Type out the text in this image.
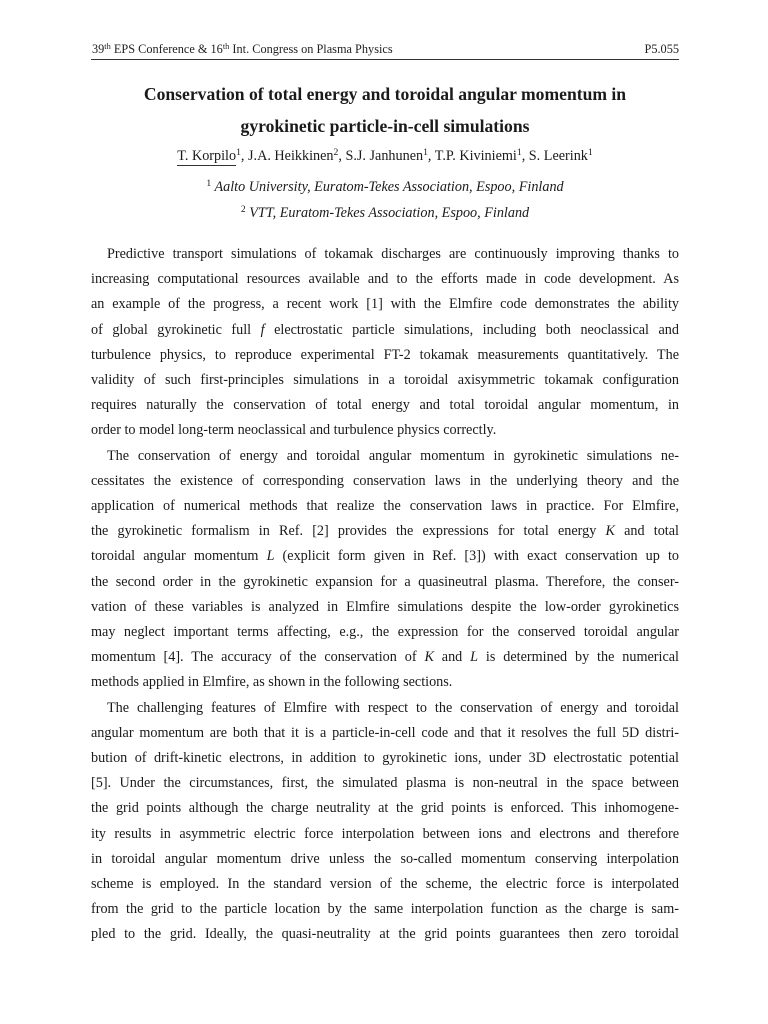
39th EPS Conference & 16th Int. Congress on Plasma Physics	P5.055
Conservation of total energy and toroidal angular momentum in
gyrokinetic particle-in-cell simulations
T. Korpilo$^1$, J.A. Heikkinen$^2$, S.J. Janhunen$^1$, T.P. Kiviniemi$^1$, S. Leerink$^1$
$^1$ Aalto University, Euratom-Tekes Association, Espoo, Finland
$^2$ VTT, Euratom-Tekes Association, Espoo, Finland
Predictive transport simulations of tokamak discharges are continuously improving thanks to
increasing computational resources available and to the efforts made in code development. As
an example of the progress, a recent work [1] with the Elmfire code demonstrates the ability
of global gyrokinetic full f electrostatic particle simulations, including both neoclassical and
turbulence physics, to reproduce experimental FT-2 tokamak measurements quantitatively. The
validity of such first-principles simulations in a toroidal axisymmetric tokamak configuration
requires naturally the conservation of total energy and total toroidal angular momentum, in
order to model long-term neoclassical and turbulence physics correctly.
The conservation of energy and toroidal angular momentum in gyrokinetic simulations ne-
cessitates the existence of corresponding conservation laws in the underlying theory and the
application of numerical methods that realize the conservation laws in practice. For Elmfire,
the gyrokinetic formalism in Ref. [2] provides the expressions for total energy K and total
toroidal angular momentum L (explicit form given in Ref. [3]) with exact conservation up to
the second order in the gyrokinetic expansion for a quasineutral plasma. Therefore, the conser-
vation of these variables is analyzed in Elmfire simulations despite the low-order gyrokinetics
may neglect important terms affecting, e.g., the expression for the conserved toroidal angular
momentum [4]. The accuracy of the conservation of K and L is determined by the numerical
methods applied in Elmfire, as shown in the following sections.
The challenging features of Elmfire with respect to the conservation of energy and toroidal
angular momentum are both that it is a particle-in-cell code and that it resolves the full 5D distri-
bution of drift-kinetic electrons, in addition to gyrokinetic ions, under 3D electrostatic potential
[5]. Under the circumstances, first, the simulated plasma is non-neutral in the space between
the grid points although the charge neutrality at the grid points is enforced. This inhomogene-
ity results in asymmetric electric force interpolation between ions and electrons and therefore
in toroidal angular momentum drive unless the so-called momentum conserving interpolation
scheme is employed. In the standard version of the scheme, the electric force is interpolated
from the grid to the particle location by the same interpolation function as the charge is sam-
pled to the grid. Ideally, the quasi-neutrality at the grid points guarantees then zero toroidal
